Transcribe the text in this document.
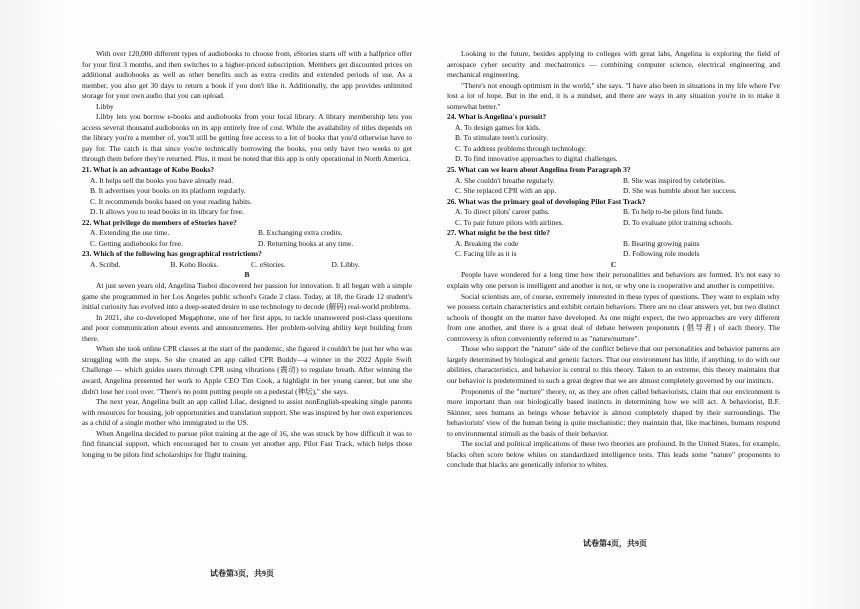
With over 120,000 different types of audiobooks to choose from, eStories starts off with a halfprice offer for your first 3 months, and then switches to a higher-priced subscription. Members get discounted prices on additional audiobooks as well as other benefits such as extra credits and extended periods of use. As a member, you also get 30 days to return a book if you don't like it. Additionally, the app provides unlimited storage for your own audio that you can upload.

Libby

Libby lets you borrow e-books and audiobooks from your local library. A library membership lets you access several thousand audiobooks on its app entirely free of cost. While the availability of titles depends on the library you're a member of, you'll still be getting free access to a lot of books that you'd otherwise have to pay for. The catch is that since you're technically borrowing the books, you only have two weeks to get through them before they're returned. Plus, it must be noted that this app is only operational in North America.

21. What is an advantage of Kobo Books?

A. It helps sell the books you have already read.

B. It advertises your books on its platform regularly.

C. It recommends books based on your reading habits.

D. It allows you to read books in its library for free.

22. What privilege do members of eStories have?

A. Extending the use time.	B. Exchanging extra credits.

C. Getting audiobooks for free.	D. Returning books at any time.

23. Which of the following has geographical restrictions?

A. Scribd.	B. Kobo Books.	C. eStories.	D. Libby.

B

At just seven years old, Angelina Tsuboi discovered her passion for innovation. It all began with a simple game she programmed in her Los Angeles public school's Grade 2 class. Today, at 18, the Grade 12 student's initial curiosity has evolved into a deep-seated desire to use technology to decode (解码) real-world problems.

In 2021, she co-developed Megaphone, one of her first apps, to tackle unanswered post-class questions and poor communication about events and announcements. Her problem-solving ability kept building from there.

When she took online CPR classes at the start of the pandemic, she figured it couldn't be just her who was struggling with the steps. So she created an app called CPR Buddy—a winner in the 2022 Apple Swift Challenge — which guides users through CPR using vibrations (震动) to regulate breath. After winning the award, Angelina presented her work to Apple CEO Tim Cook, a highlight in her young career, but one she didn't lose her cool over. "There's no point putting people on a pedestal (神坛)," she says.

The next year, Angelina built an app called Lilac, designed to assist nonEnglish-speaking single parents with resources for housing, job opportunities and translation support. She was inspired by her own experiences as a child of a single mother who immigrated to the US.

When Angelina decided to pursue pilot training at the age of 16, she was struck by how difficult it was to find financial support, which encouraged her to create yet another app, Pilot Fast Track, which helps those longing to be pilots find scholarships for flight training.

试卷第3页，共9页

Looking to the future, besides applying to colleges with great labs, Angelina is exploring the field of aerospace cyber security and mechatronics — combining computer science, electrical engineering and mechanical engineering.

"There's not enough optimism in the world," she says. "I have also been in situations in my life where I've lost a lot of hope. But in the end, it is a mindset, and there are ways in any situation you're in to make it somewhat better."

24. What is Angelina's pursuit?

A. To design games for kids.

B. To stimulate teen's curiosity.

C. To address problems through technology.

D. To find innovative approaches to digital challenges.

25. What can we learn about Angelina from Paragraph 3?

A. She couldn't breathe regularly.	B. She was inspired by celebrities.

C. She replaced CPR with an app.	D. She was humble about her success.

26. What was the primary goal of developing Pilot Fast Track?

A. To direct pilots' career paths.	B. To help to-be pilots find funds.

C. To pair future pilots with airlines.	D. To evaluate pilot training schools.

27. What might be the best title?

A. Breaking the code	B. Bearing growing pains

C. Facing life as it is	D. Following role models

C

People have wondered for a long time how their personalities and behaviors are formed. It's not easy to explain why one person is intelligent and another is not, or why one is cooperative and another is competitive.

Social scientists are, of course, extremely interested in these types of questions. They want to explain why we possess certain characteristics and exhibit certain behaviors. There are no clear answers yet, but two distinct schools of thought on the matter have developed. As one might expect, the two approaches are very different from one another, and there is a great deal of debate between proponents (倡导者) of each theory. The controversy is often conveniently referred to as "nature/nurture".

Those who support the "nature" side of the conflict believe that our personalities and behavior patterns are largely determined by biological and genetic factors. That our environment has little, if anything, to do with our abilities, characteristics, and behavior is central to this theory. Taken to an extreme, this theory maintains that our behavior is predetermined to such a great degree that we are almost completely governed by our instincts.

Proponents of the "nurture" theory, or, as they are often called behaviorists, claim that our environment is more important than our biologically based instincts in determining how we will act. A behaviorist, B.F. Skinner, sees humans as beings whose behavior is almost completely shaped by their surroundings. The behaviorists' view of the human being is quite mechanistic; they maintain that, like machines, humans respond to environmental stimuli as the basis of their behavior.

The social and political implications of these two theories are profound. In the United States, for example, blacks often score below whites on standardized intelligence tests. This leads some "nature" proponents to conclude that blacks are genetically inferior to whites.

试卷第4页，共9页
